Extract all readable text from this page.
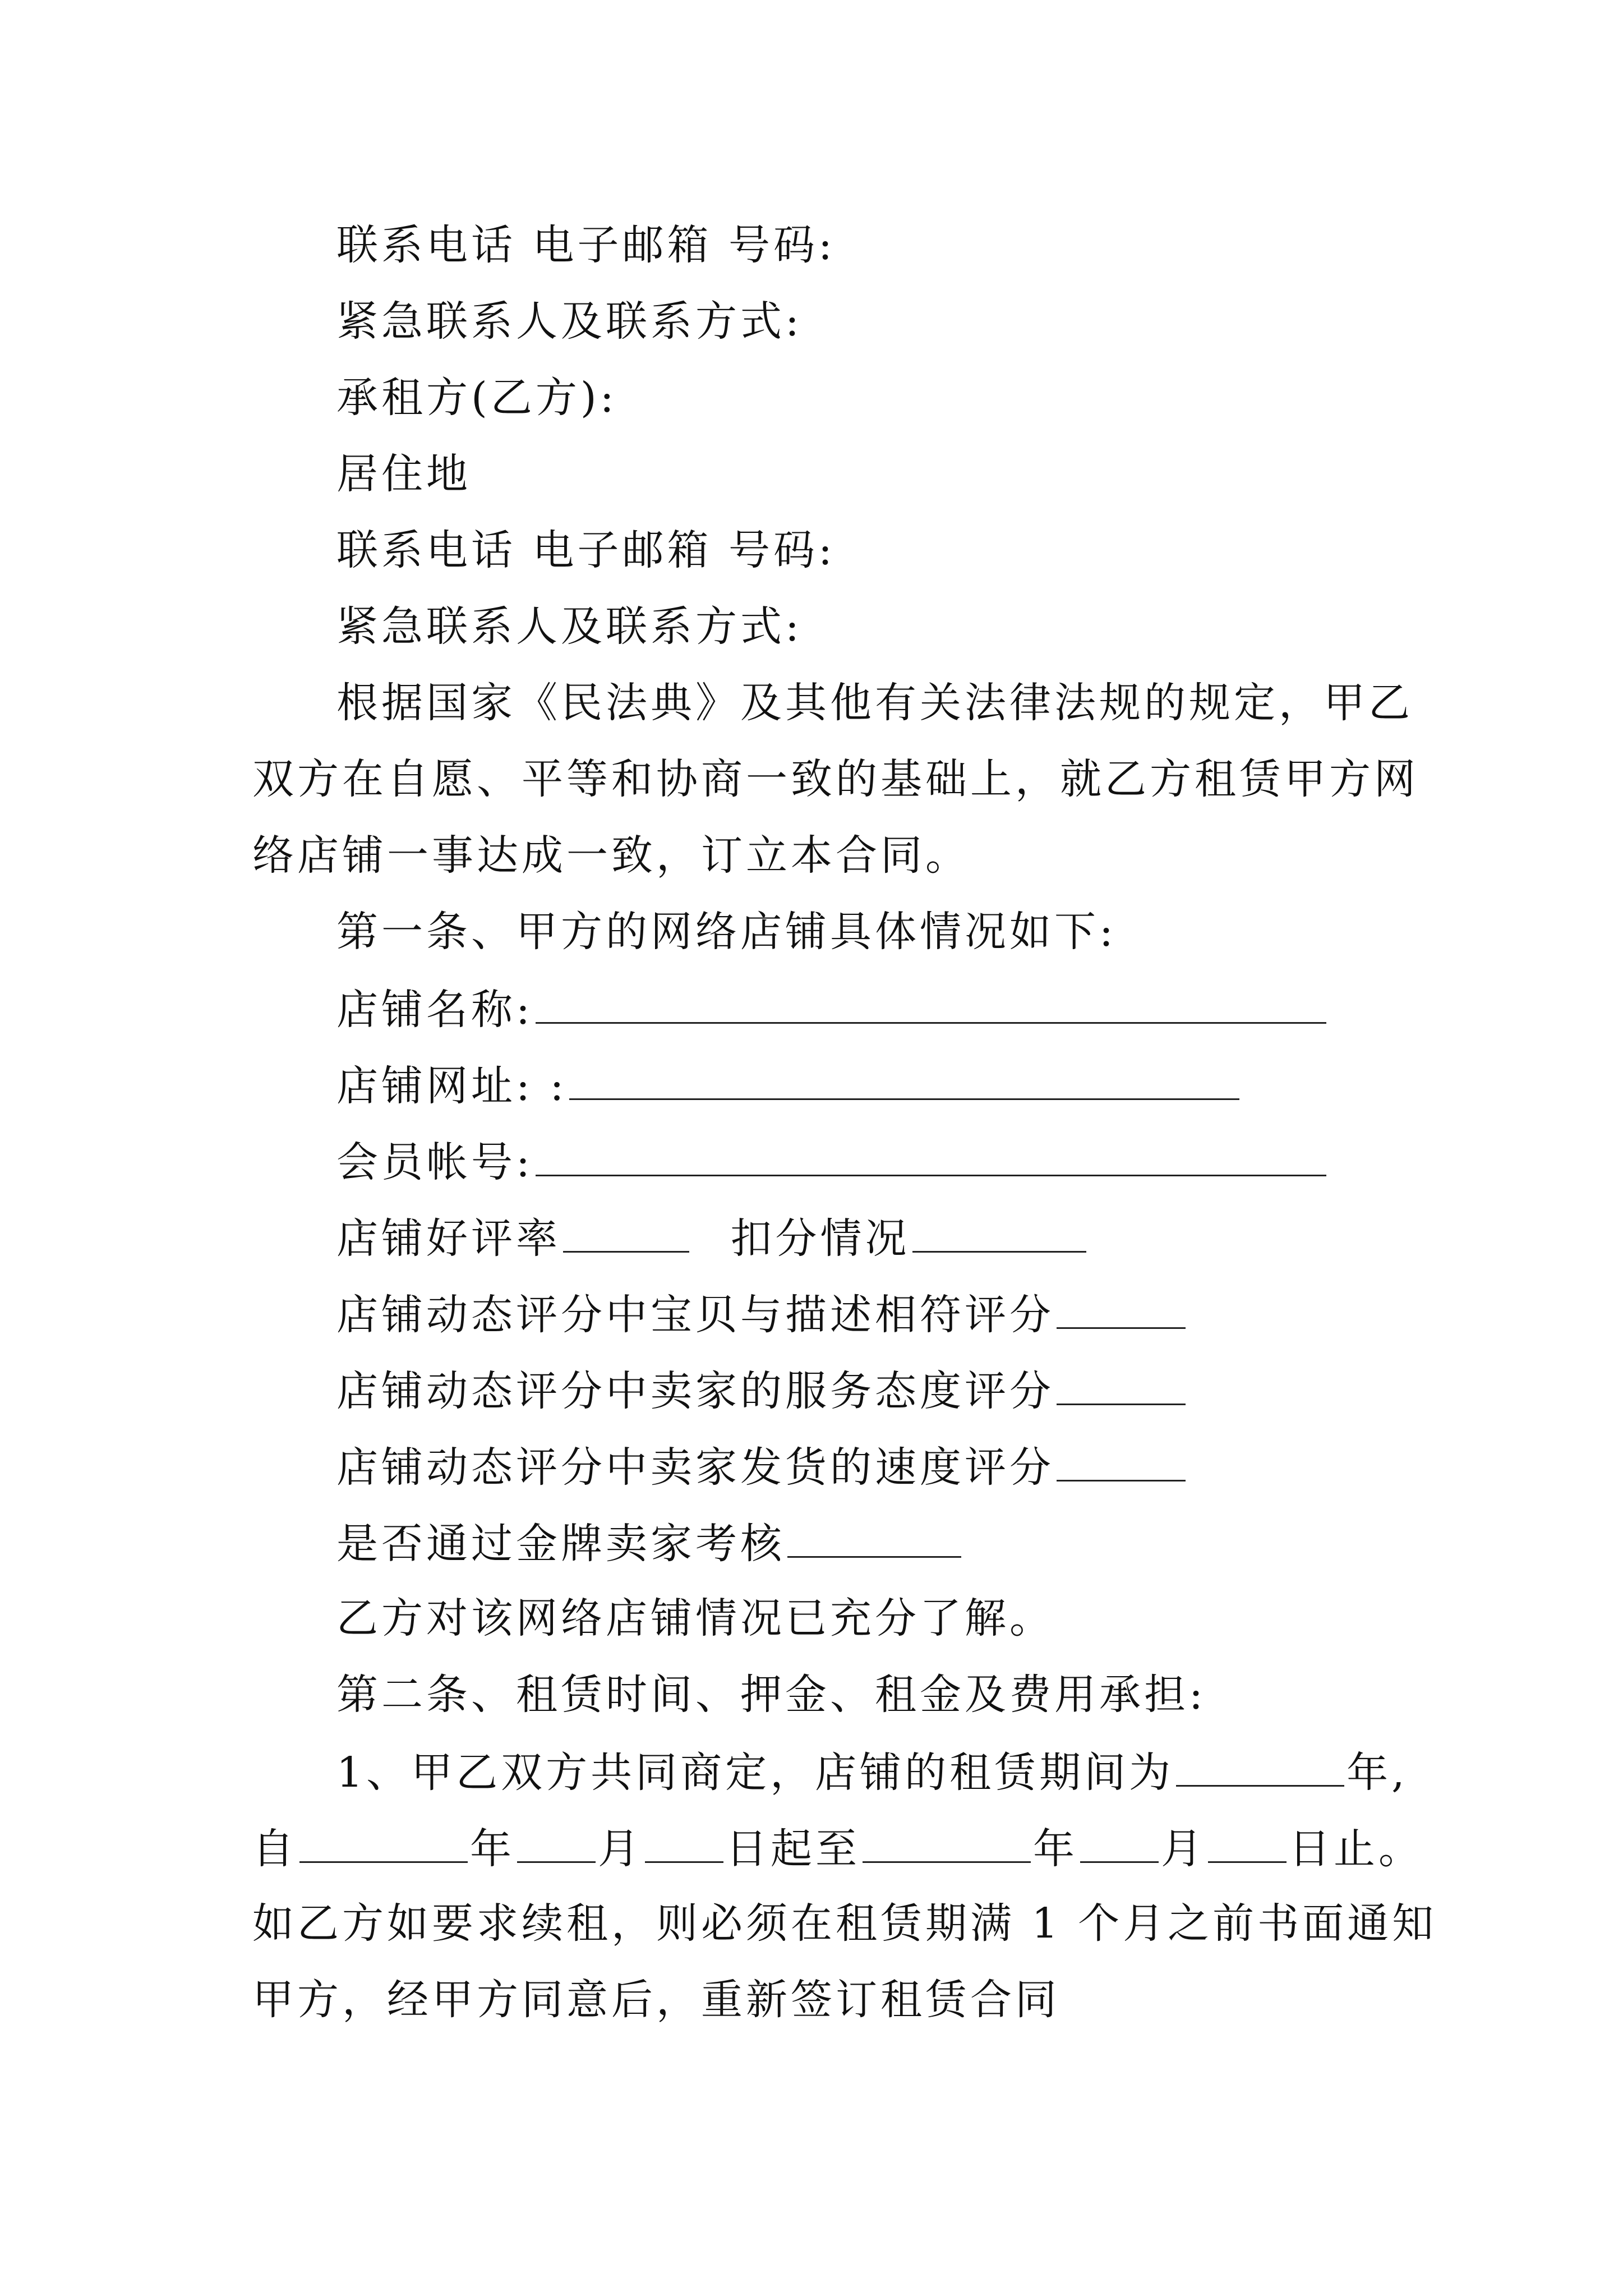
联系电话 电子邮箱 号码:
紧急联系人及联系方式:
承租方(乙方):
居住地
联系电话 电子邮箱 号码:
紧急联系人及联系方式:
根据国家《民法典》及其他有关法律法规的规定，甲乙
双方在自愿、平等和协商一致的基础上，就乙方租赁甲方网
络店铺一事达成一致，订立本合同。
第一条、甲方的网络店铺具体情况如下:
店铺名称:
店铺网址: :
会员帐号:
店铺好评率	扣分情况
店铺动态评分中宝贝与描述相符评分
店铺动态评分中卖家的服务态度评分
店铺动态评分中卖家发货的速度评分
是否通过金牌卖家考核
乙方对该网络店铺情况已充分了解。
第二条、租赁时间、押金、租金及费用承担:
1、甲乙双方共同商定，店铺的租赁期间为	年,
自	年 月 日起至	年 月 日止。
如乙方如要求续租，则必须在租赁期满 1 个月之前书面通知
甲方，经甲方同意后，重新签订租赁合同
